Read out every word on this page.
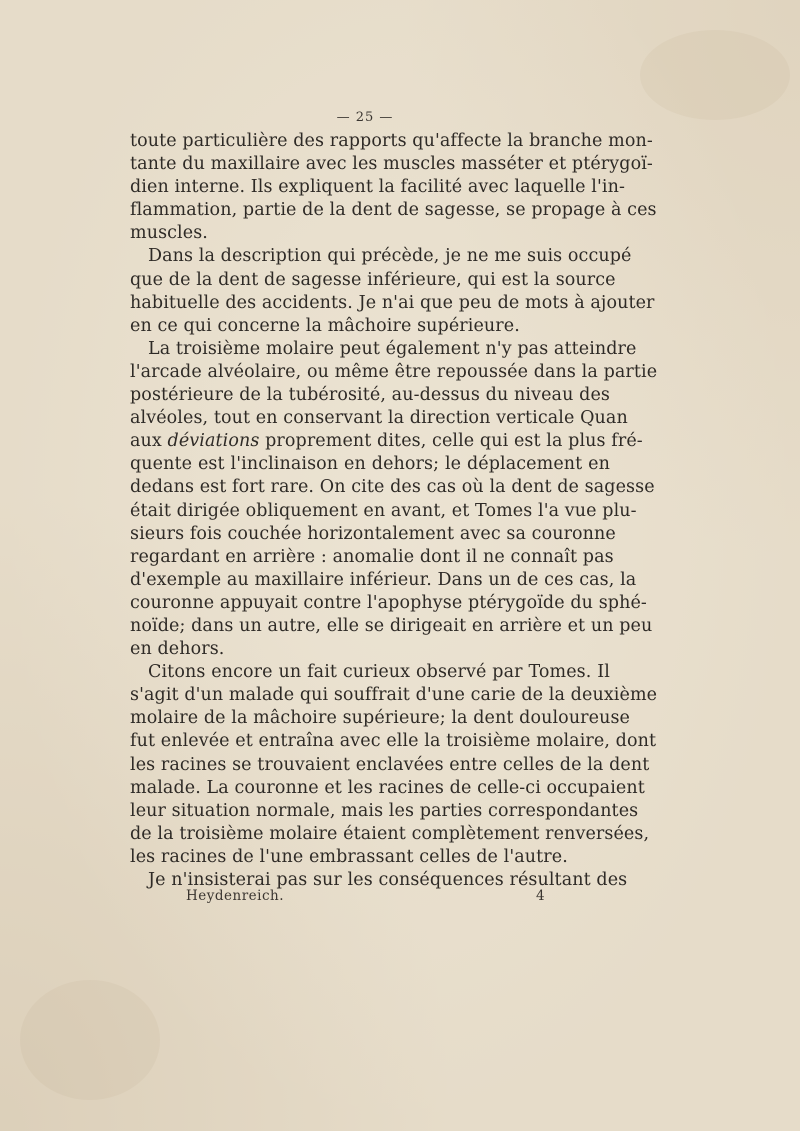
— 25 —
toute particulière des rapports qu'affecte la branche mon-
tante du maxillaire avec les muscles masséter et ptérygoï-
dien interne. Ils expliquent la facilité avec laquelle l'in-
flammation, partie de la dent de sagesse, se propage à ces
muscles.
Dans la description qui précède, je ne me suis occupé
que de la dent de sagesse inférieure, qui est la source
habituelle des accidents. Je n'ai que peu de mots à ajouter
en ce qui concerne la mâchoire supérieure.
La troisième molaire peut également n'y pas atteindre
l'arcade alvéolaire, ou même être repoussée dans la partie
postérieure de la tubérosité, au-dessus du niveau des
alvéoles, tout en conservant la direction verticale Quan
aux déviations proprement dites, celle qui est la plus fré-
quente est l'inclinaison en dehors; le déplacement en
dedans est fort rare. On cite des cas où la dent de sagesse
était dirigée obliquement en avant, et Tomes l'a vue plu-
sieurs fois couchée horizontalement avec sa couronne
regardant en arrière : anomalie dont il ne connaît pas
d'exemple au maxillaire inférieur. Dans un de ces cas, la
couronne appuyait contre l'apophyse ptérygoïde du sphé-
noïde; dans un autre, elle se dirigeait en arrière et un peu
en dehors.
Citons encore un fait curieux observé par Tomes. Il
s'agit d'un malade qui souffrait d'une carie de la deuxième
molaire de la mâchoire supérieure; la dent douloureuse
fut enlevée et entraîna avec elle la troisième molaire, dont
les racines se trouvaient enclavées entre celles de la dent
malade. La couronne et les racines de celle-ci occupaient
leur situation normale, mais les parties correspondantes
de la troisième molaire étaient complètement renversées,
les racines de l'une embrassant celles de l'autre.
Je n'insisterai pas sur les conséquences résultant des
Heydenreich.	4
